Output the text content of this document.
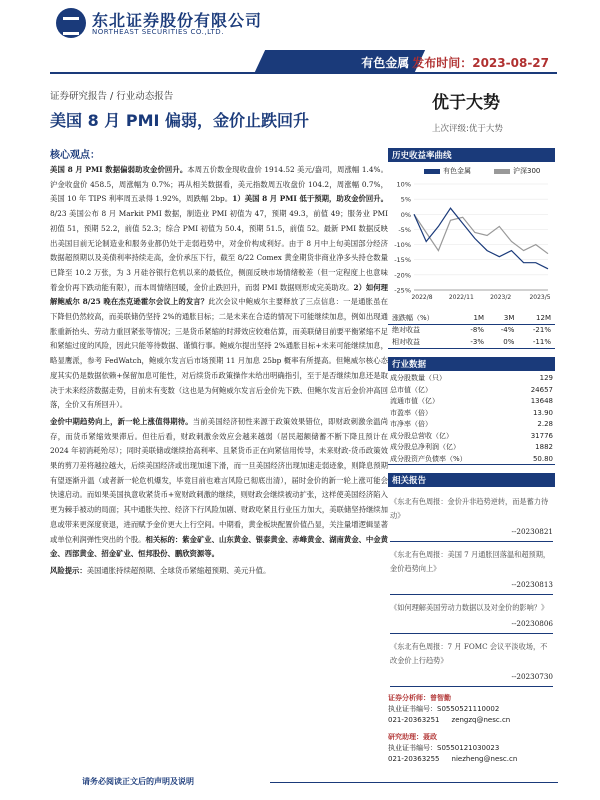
东北证券股份有限公司
NORTHEAST SECURITIES CO.,LTD.
有色金属 发布时间：2023-08-27
证券研究报告 / 行业动态报告	优于大势
美国 8 月 PMI 偏弱，金价止跌回升	上次评级:优于大势
核心观点：

美国 8 月 PMI 数据偏弱助攻金价回升。本周五价数金现收盘价 1914.52 美元/盎司，周涨幅 1.4%。沪金收盘价 458.5，周涨幅为 0.7%；再从相关数据看，美元指数周五收盘价 104.2，周涨幅 0.7%，美国 10 年 TIPS 利率周五录得 1.92%，周跌幅 2bp。1）美国 8 月 PMI 低于预期，助攻金价回升。8/23 美国公布 8 月 Markit PMI 数据，制造业 PMI 初值为 47，预期 49.3，前值 49；服务业 PMI 初值 51，预期 52.2，前值 52.3；综合 PMI 初值为 50.4，预期 51.5，前值 52。最新 PMI 数据反映出美国目前无论制造业和服务业都仍处于走弱趋势中，对金价构成利好。由于 8 月中上旬美国部分经济数据超预期以及美债利率持续走高，金价承压下行，截至 8/22 Comex 黄金期货非商业净多头持仓数量已降至 10.2 万张，为 3 月硅谷银行危机以来的最低位，侧面反映市场情绪較差（但一定程度上也意味着金价再下跌动能有限），而本周情绪回暖，金价止跌回升，而弱 PMI 数据则形成完美助攻。2）如何理解鲍威尔 8/25 晚在杰克逊霍尔会议上的发言？此次会议中鲍威尔主要释放了三点信息：一是通胀虽在下降但仍然较高，而美联储仍坚持 2%的通胀目标；二是未来在合适的情况下可能继续加息，例如出现通胀重新抬头、劳动力重回紧张等情况；三是货币紧缩的时滞效应较难估算，而美联储目前要平衡紧缩不足和紧缩过度的风险，因此只能等待数据、谨慎行事。鲍威尔提出坚持 2%通胀目标+未来可能继续加息，略显鹰派，参考 FedWatch，鲍威尔发言后市场预期 11 月加息 25bp 概率有所提高。但鲍威尔核心态度其实仍是数据依赖+保留加息可能性，对后续货币政策操作未给出明确指引，至于是否继续加息还是取决于未来经济数据走势，目前未有变数（这也是为何鲍威尔发言后金价先下跌、但鲍尔发言后金价冲高回落，全价又有所回升）。

金价中期趋势向上，新一轮上涨值得期待。当前美国经济韧性来源于政策效果错位，即财政刺激余温尚存，而货币紧缩效果滞后。但往后看，财政刺激余效应会越来越弱（居民超额储蓄不断下降且预计在 2024 年初消耗殆尽）；同时美联储或继续抬高利率、且紧货币正在向紧信用传导，未来财政-货币政策效果的剪刀差将越拉越大，后续美国经济或出现加速下滑，而一旦美国经济出现加速走弱迹象，则降息预期有望逐渐升温（或者新一轮危机爆发，毕竟目前也难言风险已彻底出清），届时金价的新一轮上涨可能会快速启动。而如果美国执意收紧货币+宽财政刺激的继续，则财政会继续被动扩张，这样使美国经济陷入更为棘手被动的局面；其中通胀失控、经济下行风险加剧、财政吃紧且行业压力加大，美联储坚持继续加息或带来更深度衰退，进而赋予金价更大上行空间。中期看，黄金板块配置价值凸显，关注量增逻辑显著或单位利润弹性突出的个股。相关标的：紫金矿业、山东黄金、银泰黄金、赤峰黄金、湖南黄金、中金黄金、西部黄金、招金矿业、恒邦股份、鹏欣资源等。

风险提示：美国通胀持续超预期、全球货币紧缩超预期、美元升值。

历史收益率曲线
有色金属	沪深300
10%
5%
0%
-5%
-10%
-15%
-20%
-25%
2022/8	2022/11	2023/2	2023/5
涨跌幅（%）	1M	3M	12M
绝对收益	-8%	-4%	-21%
相对收益	-3%	0%	-11%
行业数据
成分股数量（只）	129
总市值（亿）	24657
流通市值（亿）	13648
市盈率（倍）	13.90
市净率（倍）	2.28
成分股总营收（亿）	31776
成分股总净利润（亿）	1882
成分股资产负债率（%）	50.80
相关报告
《东北有色周报：金价升非趋势逆转，而是蓄力待动》
--20230821
《东北有色周报：美国 7 月通胀回落温和超预期，金价趋势向上》
--20230813
《如何理解美国劳动力数据以及对金价的影响？》
--20230806
《东北有色周报：7 月 FOMC 会议平淡收场，不改金价上行趋势》
--20230730
证券分析师：曾智勤
执业证书编号：S0550521110002
021-20363251 zengzq@nesc.cn
研究助理：聂政
执业证书编号：S0550121030023
021-20363255 niezheng@nesc.cn
请务必阅读正文后的声明及说明
